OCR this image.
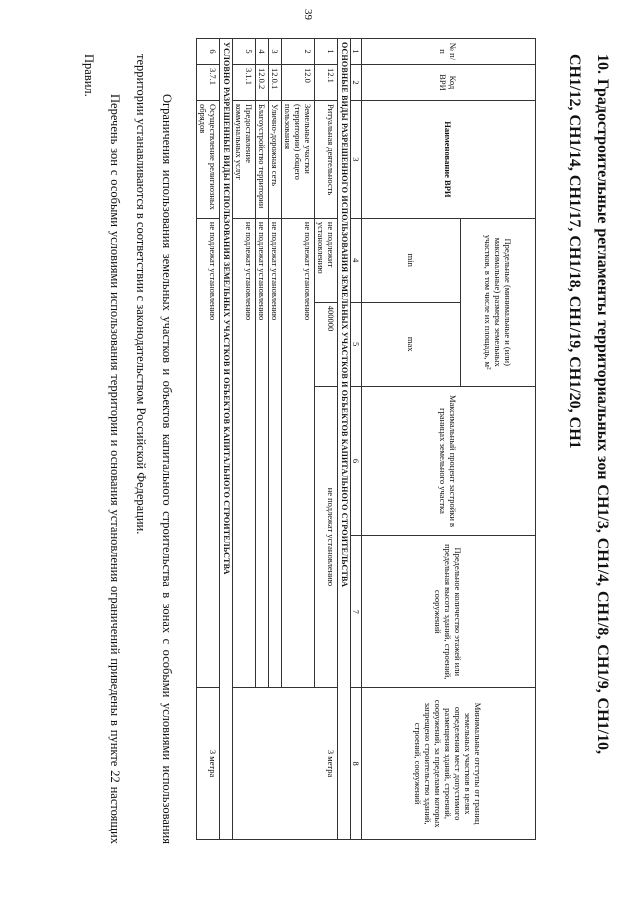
39
10. Градостроительные регламенты территориальных зон СН1/3, СН1/4, СН1/8, СН1/9, СН1/10, СН1/12, СН1/14, СН1/17, СН1/18, СН1/19, СН1/20, СН1
№ п/п	Код ВРИ	Наименование ВРИ	Предельные (минимальные и (или) максимальные) размеры земельных участков, в том числе их площадь, м²		Максимальный процент застройки в границах земельного участка	Предельное количество этажей или предельная высота зданий, строений, сооружений	Минимальные отступы от границ земельных участков в целях определения мест допустимого размещения зданий, строений, сооружений, за пределами которых запрещено строительство зданий, строений, сооружений
			min	max			
1	2	3	4	5	6	7	8
ОСНОВНЫЕ ВИДЫ РАЗРЕШЕННОГО ИСПОЛЬЗОВАНИЯ ЗЕМЕЛЬНЫХ УЧАСТКОВ И ОБЪЕКТОВ КАПИТАЛЬНОГО СТРОИТЕЛЬСТВА							
1	12.1	Ритуальная деятельность	не подлежит установлению	400000	не подлежат установлению		3 метра
2	12.0	Земельные участки (территории) общего пользования	не подлежат установлению				
3	12.0.1	Улично-дорожная сеть	не подлежат установлению				
4	12.0.2	Благоустройство территории	не подлежат установлению				
5	3.1.1	Предоставление коммунальных услуг	не подлежат установлению				
УСЛОВНО РАЗРЕШЕННЫЕ ВИДЫ ИСПОЛЬЗОВАНИЯ ЗЕМЕЛЬНЫХ УЧАСТКОВ И ОБЪЕКТОВ КАПИТАЛЬНОГО СТРОИТЕЛЬСТВА							
6	3.7.1	Осуществление религиозных обрядов	не подлежат установлению				3 метра

Ограничения использования земельных участков и объектов капитального строительства в зонах с особыми условиями использования территории устанавливаются в соответствии с законодательством Российской Федерации.

Перечень зон с особыми условиями использования территории и основания установления ограничений приведены в пункте 22 настоящих Правил.
